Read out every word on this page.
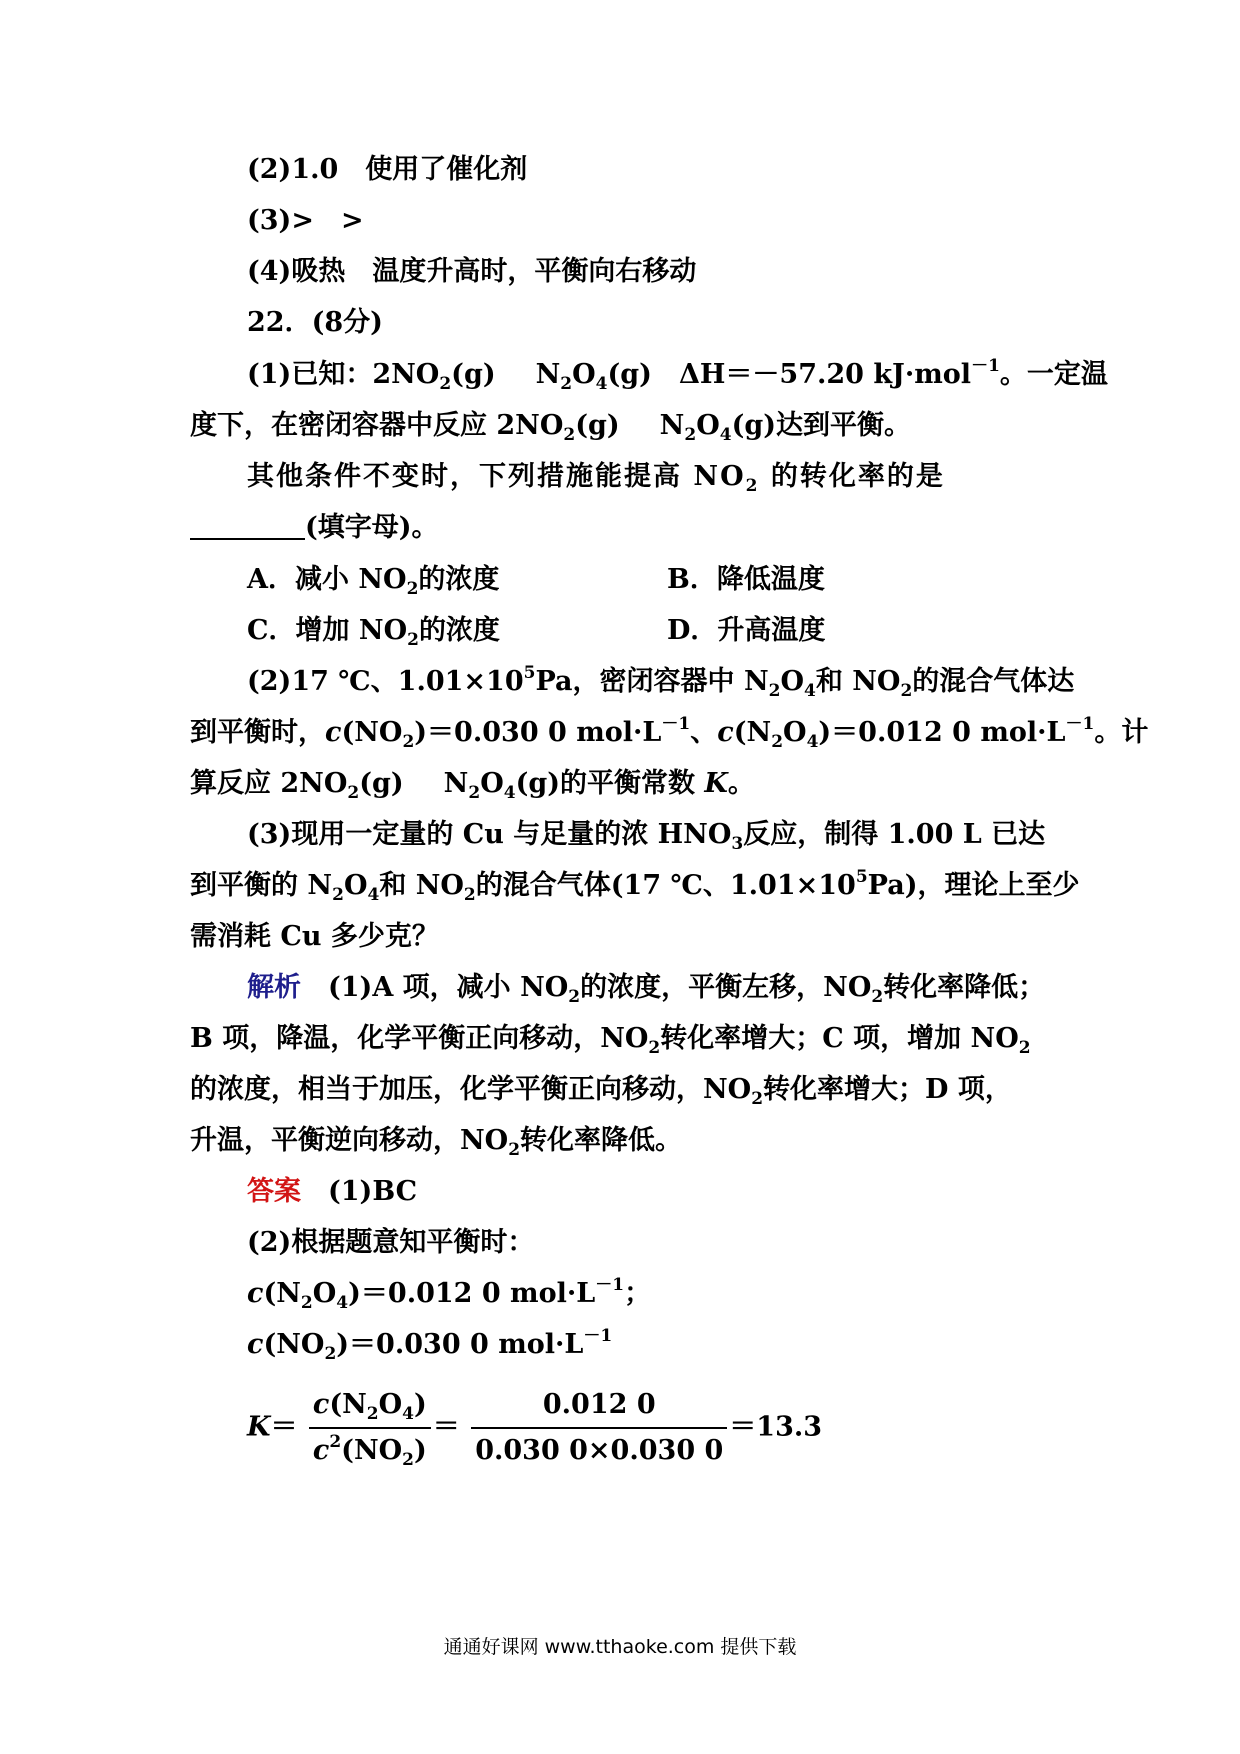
(2)1.0　使用了催化剂
(3)>　>
(4)吸热　温度升高时，平衡向右移动
22．(8分)
(1)已知：$2NO_2(g)$ $N_2O_4(g)$　ΔH＝－57.20 kJ·mol$^{-1}$。一定温
度下，在密闭容器中反应 $2NO_2(g)$ $N_2O_4(g)$达到平衡。
其他条件不变时，下列措施能提高 $NO_2$ 的转化率的是
(填字母)。
A．减小 $NO_2$的浓度	B．降低温度
C．增加 $NO_2$的浓度	D．升高温度
(2)17 ℃、$1.01\times 10^5Pa$，密闭容器中 $N_2O_4$和 $NO_2$的混合气体达
到平衡时，$c(NO_2)=0.030$ 0 $mol\cdot L^{-1}$、$c(N_2O_4)=0.012$ 0 $mol\cdot L^{-1}$。计
算反应 $2NO_2(g)$ $N_2O_4(g)$的平衡常数 K。
(3)现用一定量的 Cu 与足量的浓 $HNO_3$反应，制得 1.00 L 已达
到平衡的 $N_2O_4$和 $NO_2$的混合气体(17 ℃、$1.01\times 10^5Pa$)，理论上至少
需消耗 Cu 多少克？
解析　(1)A 项，减小 $NO_2$的浓度，平衡左移，$NO_2$转化率降低；
B 项，降温，化学平衡正向移动，$NO_2$转化率增大；C 项，增加 $NO_2$
的浓度，相当于加压，化学平衡正向移动，$NO_2$转化率增大；D 项，
升温，平衡逆向移动，$NO_2$转化率降低。
答案　(1)BC
(2)根据题意知平衡时：
$c(N_2O_4)=0.012$ 0 $mol\cdot L^{-1}$；
$c(NO_2)=0.030$ 0 $mol\cdot L^{-1}$
$K= \frac{c(N_2O_4)}{c^2(NO_2)} = \frac{0.012 0}{0.030 0\times 0.030 0} =13.3$
通通好课网 www.tthaoke.com 提供下载
